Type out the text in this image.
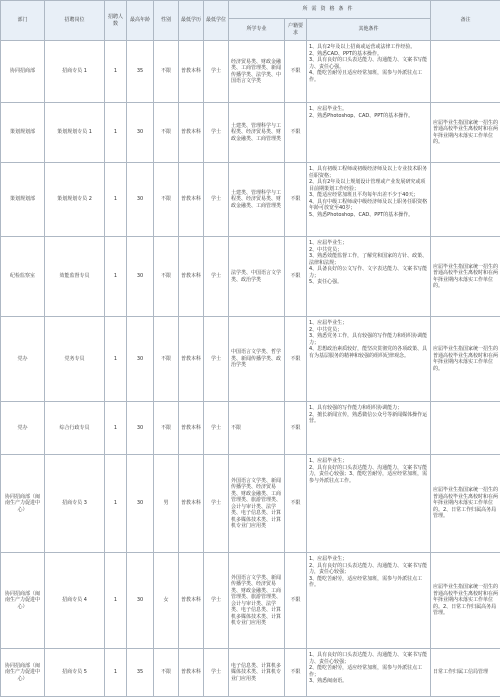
部门	招聘岗位	招聘人数	最高年龄	性别	最低学历	最低学位	所需资格条件			备注
							所学专业	户籍要求	其他条件	
协同招商部	招商专员 1	1	35	不限	普教本科	学士	经济贸易类、财政金融类、工商管理类、新闻传播学类、法学类、中国语言文学类	不限	1、具有2年及以上招商或运营或法律工作经验。
2、熟悉CAD、PPT的基本操作。
3、具有良好的口头表达能力、沟通能力、文案书写能力、责任心强。
4、能吃苦耐劳且适应经常加班，需参与外派驻点工作。	

策划规划部	策划规划专员 1	1	30	不限	普教本科	学士	土建类、管理科学与工程类、经济贸易类、财政金融类、工商管理类	不限	1、应届毕业生。
2、熟悉Photoshop、CAD、PPT的基本操作。	应届毕业生指国家统一招生的普通高校毕业生离校时和在两年择业期内未落实工作单位的。
策划规划部	策划规划专员 2	1	30	不限	普教本科	学士	土建类、管理科学与工程类、经济贸易类、财政金融类、工商管理类	不限	1、具有初级工程师或初级经济师及以上专业技术职务任职资格；
2、具有2年及以上规划设计管理或产业发展研究或项目前期策划工作经验；
3、能适应经常加班且平均每年出差不少于40天；
4、具有中级工程师或中级经济师及以上职务任职资格年龄可放宽至40岁；
5、熟悉Photoshop、CAD、PPT的基本操作。	

纪检监察室	效能监督专员	1	30	不限	普教本科	学士	法学类、中国语言文学类、政治学类	不限	1、应届毕业生；
2、中共党员；
3、熟悉效能监督工作，了解党和国家的方针、政策、法律和法规；
4、具备良好的公文写作、文字表达能力、文案书写能力；
5、责任心强。	应届毕业生指国家统一招生的普通高校毕业生离校时和在两年择业期内未落实工作单位的。
党办	党务专员	1	30	不限	普教本科	学士	中国语言文学类、哲学类、新闻传播学类、政治学类	不限	1、应届毕业生；
2、中共党员；
3、熟悉党务工作，具有较强的写作能力和组织协调能力；
4、思想政治素质较好，能坚决贯彻党的各项政策、具有为基层服务的精神和较强的组织纪律观念。	应届毕业生指国家统一招生的普通高校毕业生离校时和在两年择业期内未落实工作单位的。
党办	综合行政专员	1	30	不限	普教本科	学士	不限	不限	1、具有较强的写作能力和组织协调能力；
2、擅长新闻宣传，熟悉微信公众号等新闻媒体操作运营。	

协同招商部（闽南生产力促进中心）	招商专员 3	1	30	男	普教本科	学士	外国语言文学类、新闻传播学类、经济贸易类、财政金融类、工商管理类、旅游管理类、会计与审计类、法学类、电子信息类、计算机多媒体技术类、计算机专业门应用类	不限	1、应届毕业生；
2、具有良好的口头表达能力、沟通能力，文案书写能力，责任心较强；3、能吃苦耐劳，适应经常加班，需参与外派驻点工作。	应届毕业生指国家统一招生的普通高校毕业生离校时和在两年择业期内未落实工作单位的。2、日常工作归属高务局管理。
协同招商部（闽南生产力促进中心）	招商专员 4	1	30	女	普教本科	学士	外国语言文学类、新闻传播学类、经济贸易类、财政金融类、工商管理类、旅游管理类、会计与审计类、法学类、电子信息类、计算机多媒体技术类、计算机专业门应用类	不限	1、应届毕业生；
2、具有良好的口头表达能力、沟通能力、文案书写能力，责任心较强；
3、能吃苦耐劳，适应经常加班，需参与外派驻点工作。	应届毕业生指国家统一招生的普通高校毕业生离校时和在两年择业期内未落实工作单位的。2、日常工作归属高务局管理。
协同招商部（闽南生产力促进中心）	招商专员 5	1	35	不限	普教本科	学士	电子信息类、计算机多媒体技术类、计算机专业门应用类	不限	1、具有良好的口头表达能力、沟通能力、文案书写能力、责任心较强；
2、能吃苦耐劳，适应经常加班，需参与外派驻点工作；
3、熟悉闽南语。	日常工作归属工信局管理
